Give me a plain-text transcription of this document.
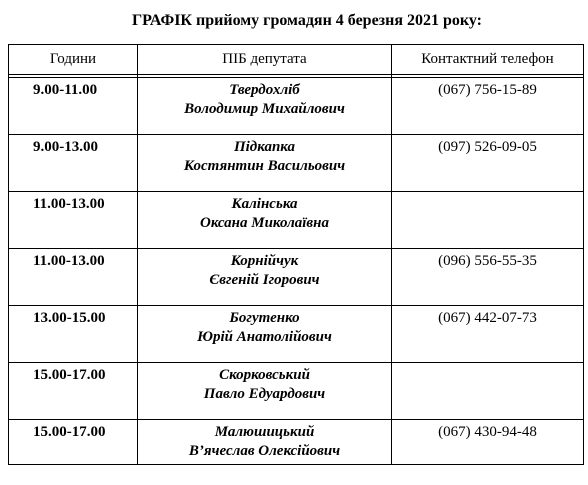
ГРАФІК прийому громадян 4 березня 2021 року:
Години	ПІБ депутата	Контактний телефон

9.00-11.00	Твердохліб
Володимир Михайлович	(067) 756-15-89
9.00-13.00	Підкапка
Костянтин Васильович	(097) 526-09-05
11.00-13.00	Калінська
Оксана Миколаївна	

11.00-13.00	Корнійчук
Євгеній Ігорович	(096) 556-55-35
13.00-15.00	Богутенко
Юрій Анатолійович	(067) 442-07-73
15.00-17.00	Скорковський
Павло Едуардович	

15.00-17.00	Малюшицький
В’ячеслав Олексійович	(067) 430-94-48
